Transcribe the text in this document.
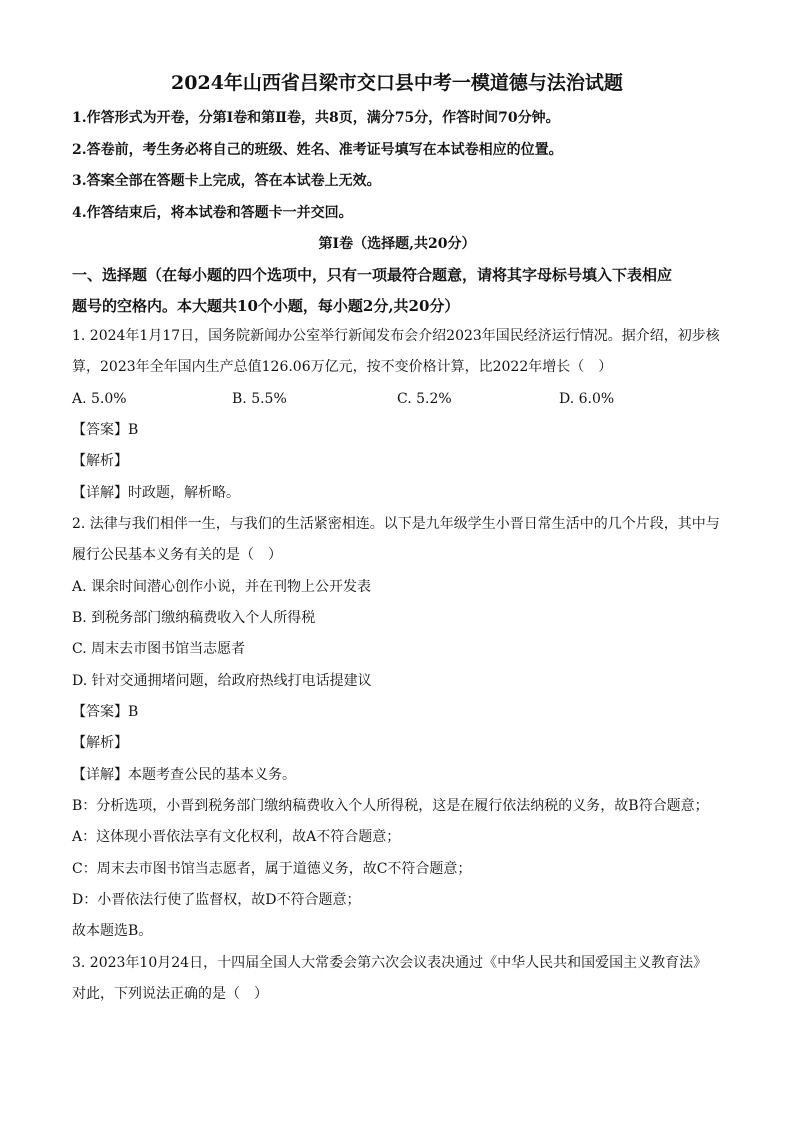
2024年山西省吕梁市交口县中考一模道德与法治试题
1.作答形式为开卷，分第Ⅰ卷和第Ⅱ卷，共8页，满分75分，作答时间70分钟。
2.答卷前，考生务必将自己的班级、姓名、准考证号填写在本试卷相应的位置。
3.答案全部在答题卡上完成，答在本试卷上无效。
4.作答结束后，将本试卷和答题卡一并交回。
第Ⅰ卷（选择题,共20分）
一、选择题（在每小题的四个选项中，只有一项最符合题意，请将其字母标号填入下表相应
题号的空格内。本大题共10个小题，每小题2分,共20分）
1. 2024年1月17日，国务院新闻办公室举行新闻发布会介绍2023年国民经济运行情况。据介绍，初步核
算，2023年全年国内生产总值126.06万亿元，按不变价格计算，比2022年增长（　）
A. 5.0%	B. 5.5%	C. 5.2%	D. 6.0%
【答案】B
【解析】
【详解】时政题，解析略。
2. 法律与我们相伴一生，与我们的生活紧密相连。以下是九年级学生小晋日常生活中的几个片段，其中与
履行公民基本义务有关的是（　）
A. 课余时间潜心创作小说，并在刊物上公开发表
B. 到税务部门缴纳稿费收入个人所得税
C. 周末去市图书馆当志愿者
D. 针对交通拥堵问题，给政府热线打电话提建议
【答案】B
【解析】
【详解】本题考查公民的基本义务。
B：分析选项，小晋到税务部门缴纳稿费收入个人所得税，这是在履行依法纳税的义务，故B符合题意；
A：这体现小晋依法享有文化权利，故A不符合题意；
C：周末去市图书馆当志愿者，属于道德义务，故C不符合题意；
D：小晋依法行使了监督权，故D不符合题意；
故本题选B。
3. 2023年10月24日，十四届全国人大常委会第六次会议表决通过《中华人民共和国爱国主义教育法》
对此，下列说法正确的是（　）
